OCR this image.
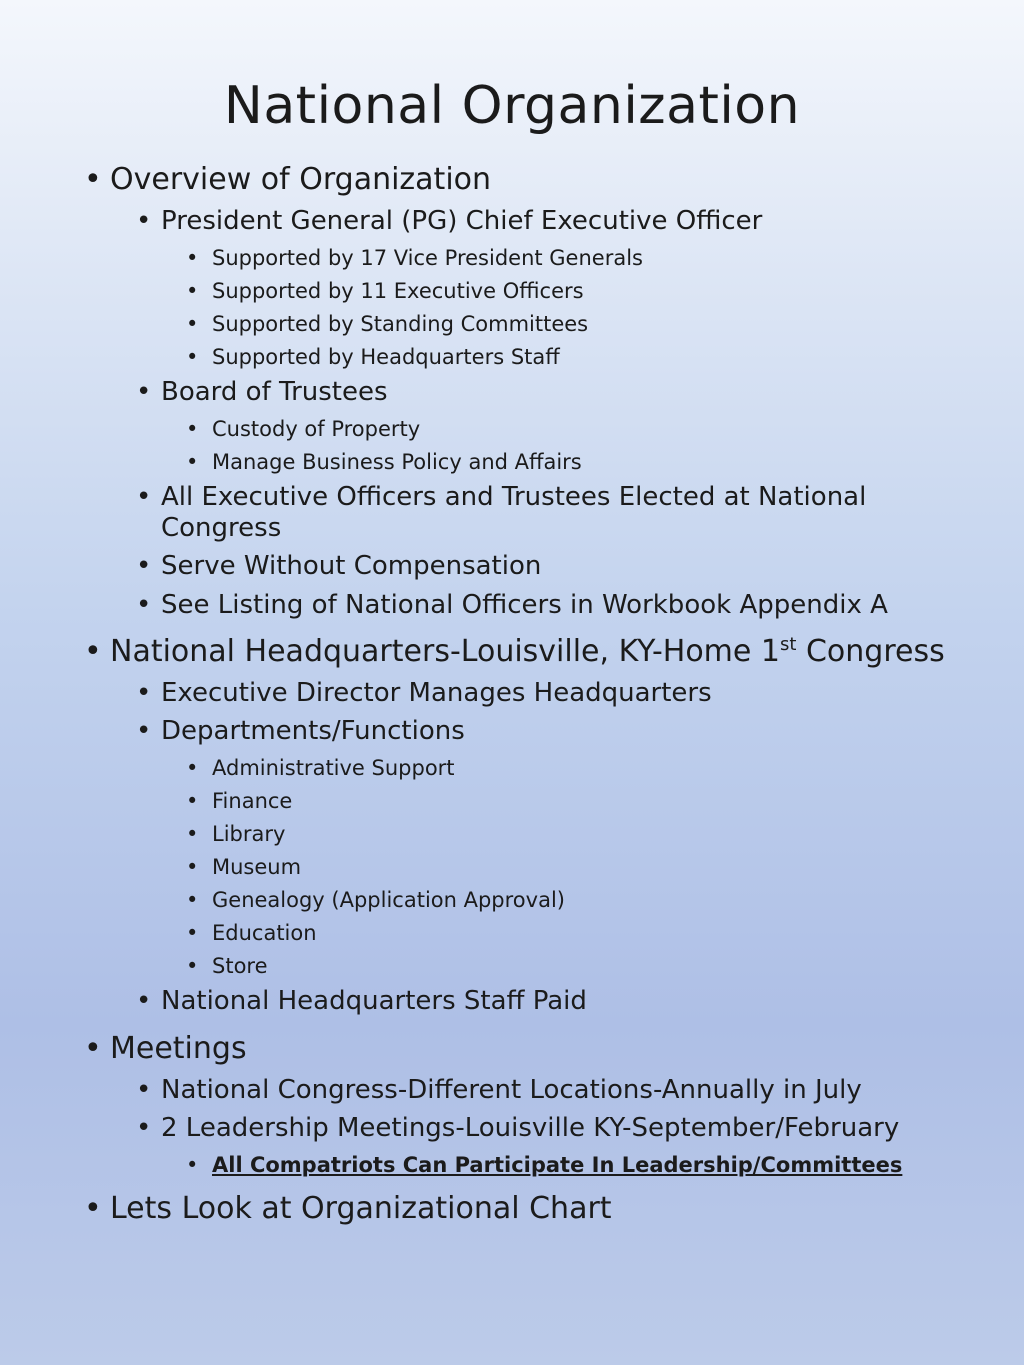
National Organization
• Overview of Organization
• President General (PG) Chief Executive Officer
• Supported by 17 Vice President Generals
• Supported by 11 Executive Officers
• Supported by Standing Committees
• Supported by Headquarters Staff
• Board of Trustees
• Custody of Property
• Manage Business Policy and Affairs
• All Executive Officers and Trustees Elected at National
Congress
• Serve Without Compensation
• See Listing of National Officers in Workbook Appendix A
• National Headquarters-Louisville, KY-Home 1st Congress
• Executive Director Manages Headquarters
• Departments/Functions
• Administrative Support
• Finance
• Library
• Museum
• Genealogy (Application Approval)
• Education
• Store
• National Headquarters Staff Paid
• Meetings
• National Congress-Different Locations-Annually in July
• 2 Leadership Meetings-Louisville KY-September/February
• All Compatriots Can Participate In Leadership/Committees
• Lets Look at Organizational Chart
